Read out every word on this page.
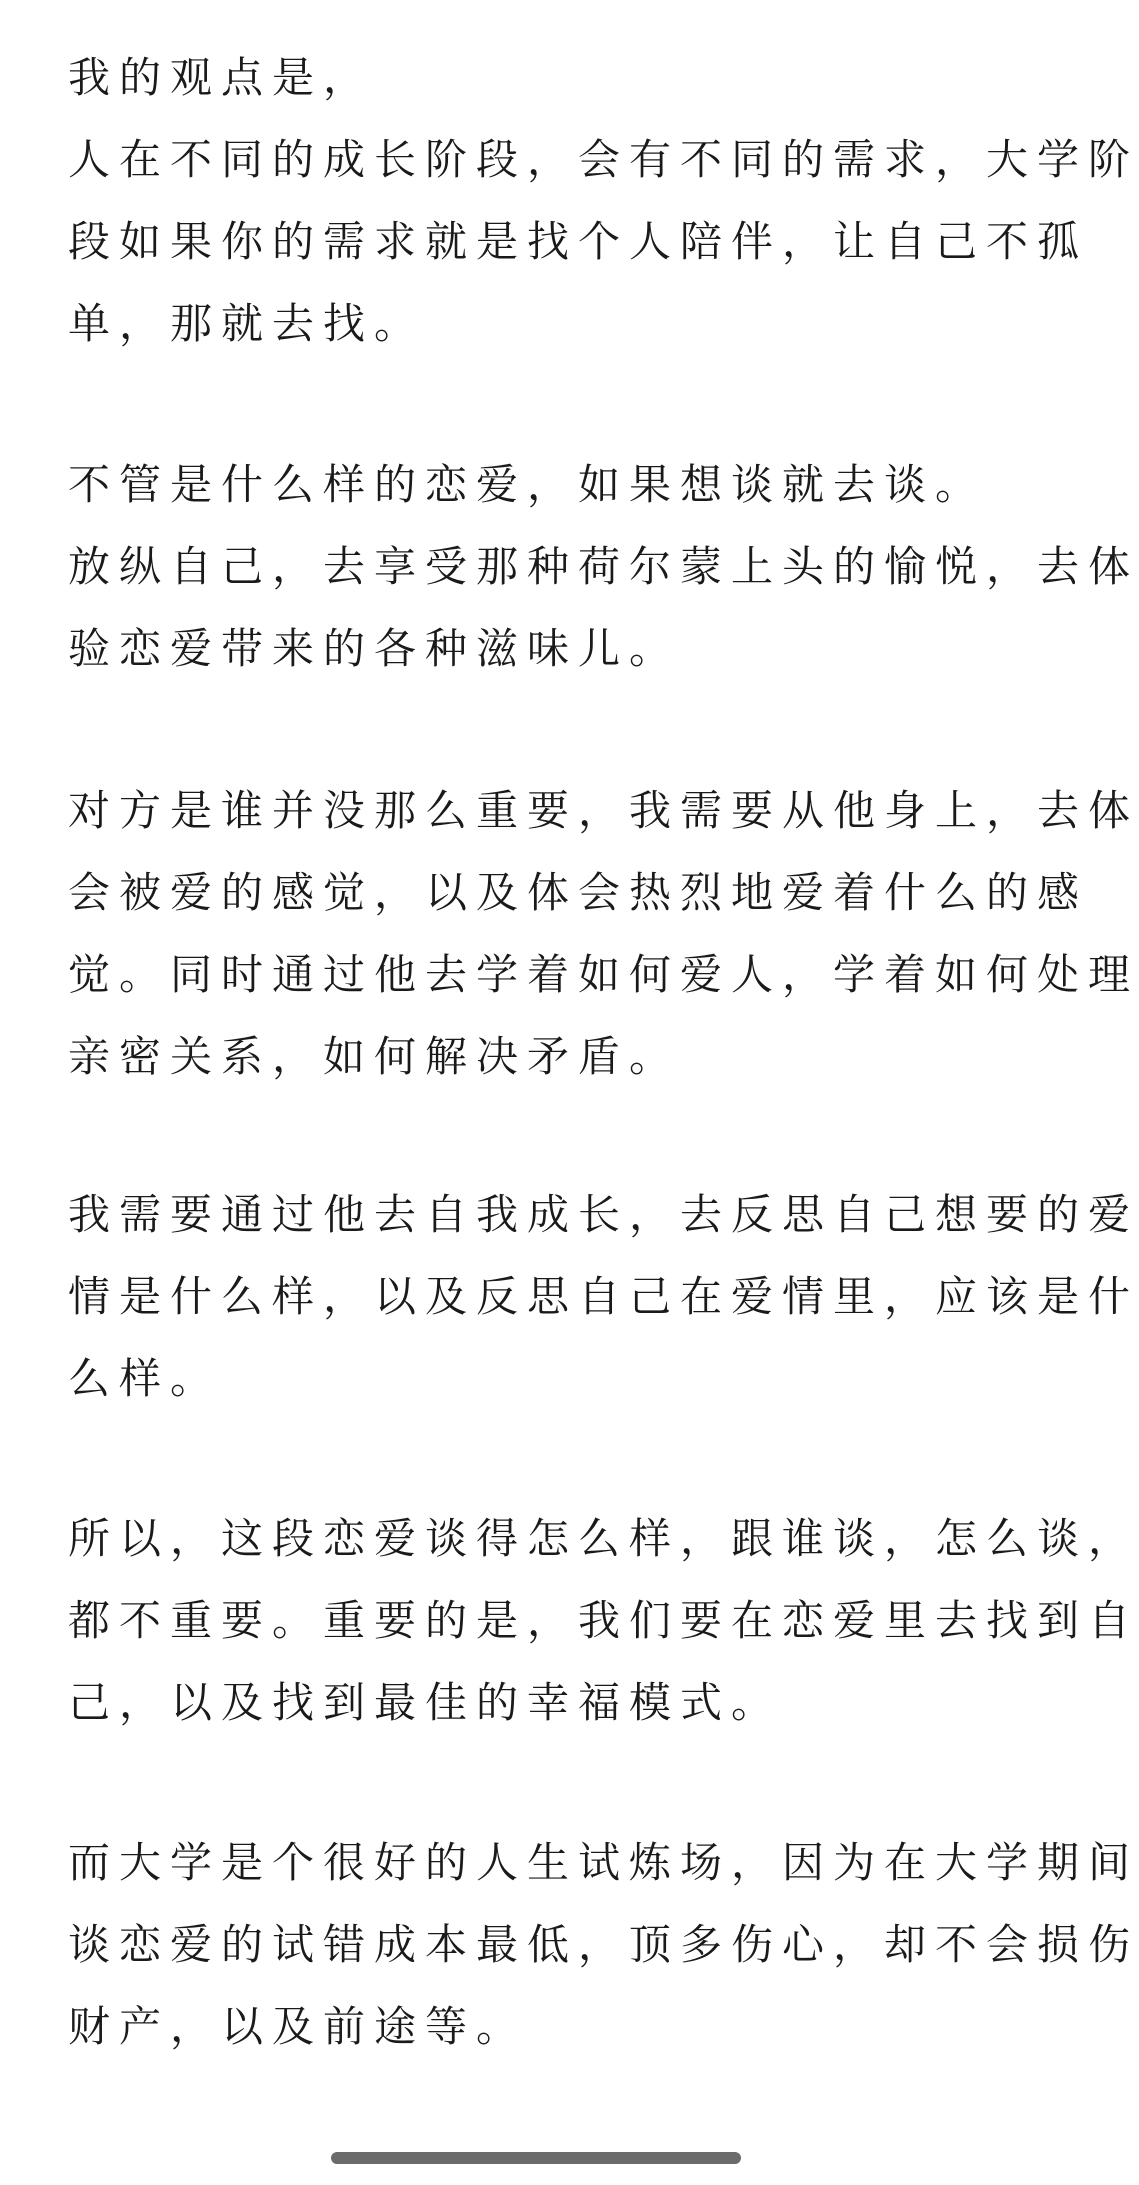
我的观点是，
人在不同的成长阶段，会有不同的需求，大学阶
段如果你的需求就是找个人陪伴，让自己不孤
单，那就去找。
不管是什么样的恋爱，如果想谈就去谈。
放纵自己，去享受那种荷尔蒙上头的愉悦，去体
验恋爱带来的各种滋味儿。
对方是谁并没那么重要，我需要从他身上，去体
会被爱的感觉，以及体会热烈地爱着什么的感
觉。同时通过他去学着如何爱人，学着如何处理
亲密关系，如何解决矛盾。
我需要通过他去自我成长，去反思自己想要的爱
情是什么样，以及反思自己在爱情里，应该是什
么样。
所以，这段恋爱谈得怎么样，跟谁谈，怎么谈，
都不重要。重要的是，我们要在恋爱里去找到自
己，以及找到最佳的幸福模式。
而大学是个很好的人生试炼场，因为在大学期间
谈恋爱的试错成本最低，顶多伤心，却不会损伤
财产，以及前途等。
